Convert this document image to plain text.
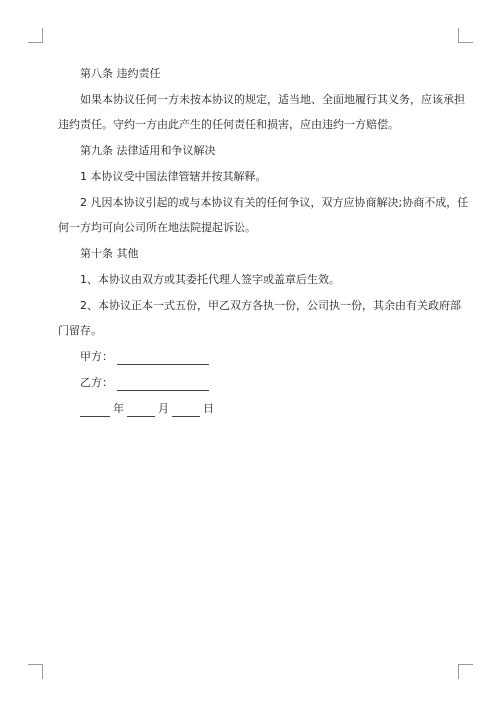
第八条 违约责任
如果本协议任何一方未按本协议的规定，适当地、全面地履行其义务，应该承担
违约责任。守约一方由此产生的任何责任和损害，应由违约一方赔偿。
第九条 法律适用和争议解决
1 本协议受中国法律管辖并按其解释。
2 凡因本协议引起的或与本协议有关的任何争议，双方应协商解决;协商不成，任
何一方均可向公司所在地法院提起诉讼。
第十条 其他
1、本协议由双方或其委托代理人签字或盖章后生效。
2、本协议正本一式五份，甲乙双方各执一份，公司执一份，其余由有关政府部
门留存。
甲方：
乙方：
年	月	日
